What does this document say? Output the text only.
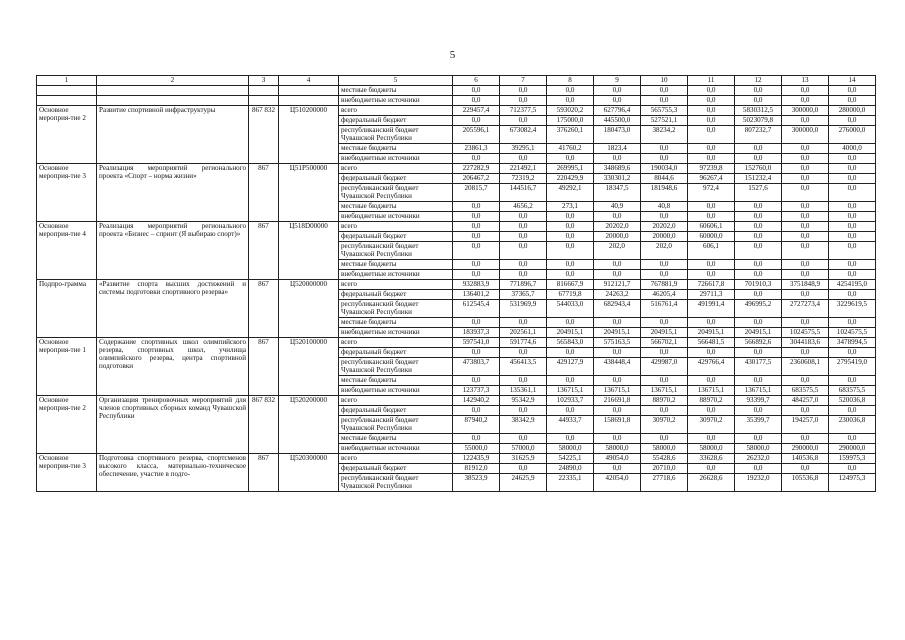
5
1	2	3	4	5	6	7	8	9	10	11	12	13	14
				местные бюджеты	0,0	0,0	0,0	0,0	0,0	0,0	0,0	0,0	0,0
				внебюджетные источники	0,0	0,0	0,0	0,0	0,0	0,0	0,0	0,0	0,0
Основное мероприя-тие 2	Развитие спортивной инфраструктуры	867 832	Ц510200000	всего	229457,4	712377,5	593020,2	627796,4	565755,3	0,0	5830312,5	300000,0	280000,0
				федеральный бюджет	0,0	0,0	175000,0	445500,0	527521,1	0,0	5023079,8	0,0	0,0
				республиканский бюджет Чувашской Республики	205596,1	673082,4	376260,1	180473,0	38234,2	0,0	807232,7	300000,0	276000,0
				местные бюджеты	23861,3	39295,1	41760,2	1823,4	0,0	0,0	0,0	0,0	4000,0
				внебюджетные источники	0,0	0,0	0,0	0,0	0,0	0,0	0,0	0,0	0,0
Основное мероприя-тие 3	Реализация мероприятий регионального проекта «Спорт – норма жизни»	867	Ц51P500000	всего	227282,9	221492,1	269995,1	348689,6	190034,0	97239,8	152760,0	0,0	0,0
				федеральный бюджет	206467,2	72319,2	220429,9	330301,2	8044,6	96267,4	151232,4	0,0	0,0
				республиканский бюджет Чувашской Республики	20815,7	144516,7	49292,1	18347,5	181948,6	972,4	1527,6	0,0	0,0
				местные бюджеты	0,0	4656,2	273,1	40,9	40,8	0,0	0,0	0,0	0,0
				внебюджетные источники	0,0	0,0	0,0	0,0	0,0	0,0	0,0	0,0	0,0
Основное мероприя-тие 4	Реализация мероприятий регионального проекта «Бизнес – спринт (Я выбираю спорт)»	867	Ц518D00000	всего	0,0	0,0	0,0	20202,0	20202,0	60606,1	0,0	0,0	0,0
				федеральный бюджет	0,0	0,0	0,0	20000,0	20000,0	60000,0	0,0	0,0	0,0
				республиканский бюджет Чувашской Республики	0,0	0,0	0,0	202,0	202,0	606,1	0,0	0,0	0,0
				местные бюджеты	0,0	0,0	0,0	0,0	0,0	0,0	0,0	0,0	0,0
				внебюджетные источники	0,0	0,0	0,0	0,0	0,0	0,0	0,0	0,0	0,0
Подпро-грамма	«Развитие спорта высших достижений и системы подготовки спортивного резерва»	867	Ц520000000	всего	932883,9	771896,7	816667,9	912121,7	767881,9	726617,8	701910,3	3751848,9	4254195,0
				федеральный бюджет	136401,2	37365,7	67719,8	24263,2	46205,4	29711,3	0,0	0,0	0,0
				республиканский бюджет Чувашской Республики	612545,4	531969,9	544033,0	682943,4	516761,4	491991,4	496995,2	2727273,4	3229619,5
				местные бюджеты	0,0	0,0	0,0	0,0	0,0	0,0	0,0	0,0	0,0
				внебюджетные источники	183937,3	202561,1	204915,1	204915,1	204915,1	204915,1	204915,1	1024575,5	1024575,5
Основное мероприя-тие 1	Содержание спортивных школ олимпийского резерва, спортивных школ, училища олимпийского резерва, центра спортивной подготовки	867	Ц520100000	всего	597541,0	591774,6	565843,0	575163,5	566702,1	566481,5	566892,6	3044183,6	3478994,5
				федеральный бюджет	0,0	0,0	0,0	0,0	0,0	0,0	0,0	0,0	0,0
				республиканский бюджет Чувашской Республики	473803,7	456413,5	429127,9	438448,4	429987,0	429766,4	430177,5	2360608,1	2795419,0
				местные бюджеты	0,0	0,0	0,0	0,0	0,0	0,0	0,0	0,0	0,0
				внебюджетные источники	123737,3	135361,1	136715,1	136715,1	136715,1	136715,1	136715,1	683575,5	683575,5
Основное мероприя-тие 2	Организация тренировочных мероприятий для членов спортивных сборных команд Чувашской Республики	867 832	Ц520200000	всего	142940,2	95342,9	102933,7	216691,8	88970,2	88970,2	93399,7	484257,0	520036,8
				федеральный бюджет	0,0	0,0	0,0	0,0	0,0	0,0	0,0	0,0	0,0
				республиканский бюджет Чувашской Республики	87940,2	38342,9	44933,7	158691,8	30970,2	30970,2	35399,7	194257,0	230036,8
				местные бюджеты	0,0	0,0	0,0	0,0	0,0	0,0	0,0	0,0	0,0
				внебюджетные источники	55000,0	57000,0	58000,0	58000,0	58000,0	58000,0	58000,0	290000,0	290000,0
Основное мероприя-тие 3	Подготовка спортивного резерва, спортсменов высокого класса, материально-техническое обеспечение, участие в подго-	867	Ц520300000	всего	122435,9	31625,9	54225,1	49054,0	55428,6	33628,6	26232,0	140536,8	159975,3
				федеральный бюджет	81912,0	0,0	24890,0	0,0	20710,0	0,0	0,0	0,0	0,0
				республиканский бюджет Чувашской Республики	38523,9	24625,9	22335,1	42054,0	27718,6	26628,6	19232,0	105536,8	124975,3
